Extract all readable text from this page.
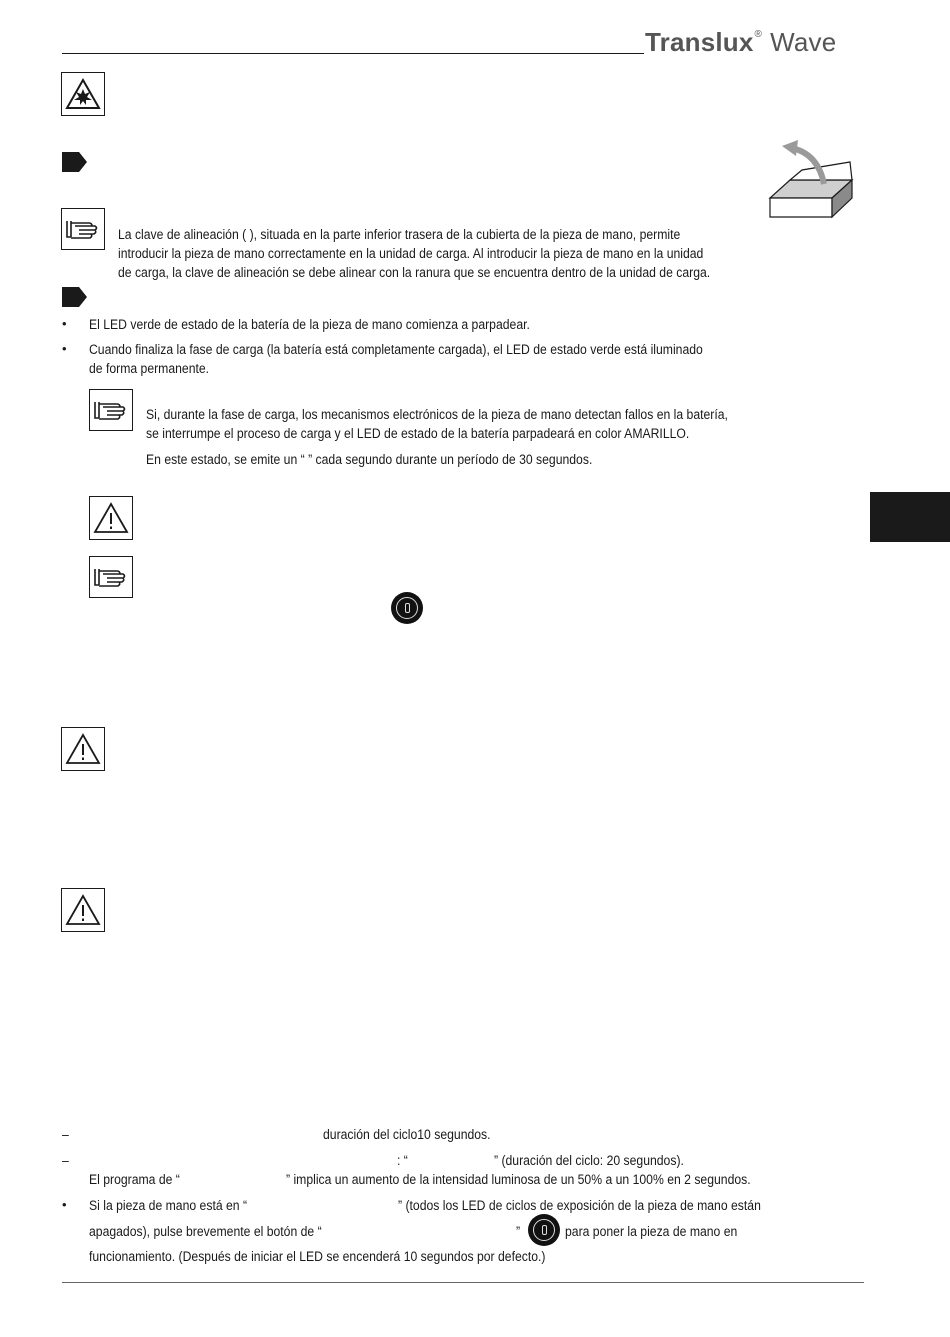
Translux® Wave
La clave de alineación ( ), situada en la parte inferior trasera de la cubierta de la pieza de mano, permite
introducir la pieza de mano correctamente en la unidad de carga. Al introducir la pieza de mano en la unidad
de carga, la clave de alineación se debe alinear con la ranura que se encuentra dentro de la unidad de carga.
• El LED verde de estado de la batería de la pieza de mano comienza a parpadear.
• Cuando finaliza la fase de carga (la batería está completamente cargada), el LED de estado verde está iluminado
de forma permanente.
Si, durante la fase de carga, los mecanismos electrónicos de la pieza de mano detectan fallos en la batería,
se interrumpe el proceso de carga y el LED de estado de la batería parpadeará en color AMARILLO.
En este estado, se emite un “ ” cada segundo durante un período de 30 segundos.
–	duración del ciclo10 segundos.
–	: “	” (duración del ciclo: 20 segundos).
El programa de “	” implica un aumento de la intensidad luminosa de un 50% a un 100% en 2 segundos.
• Si la pieza de mano está en “	” (todos los LED de ciclos de exposición de la pieza de mano están
apagados), pulse brevemente el botón de “	”	para poner la pieza de mano en
funcionamiento. (Después de iniciar el LED se encenderá 10 segundos por defecto.)
